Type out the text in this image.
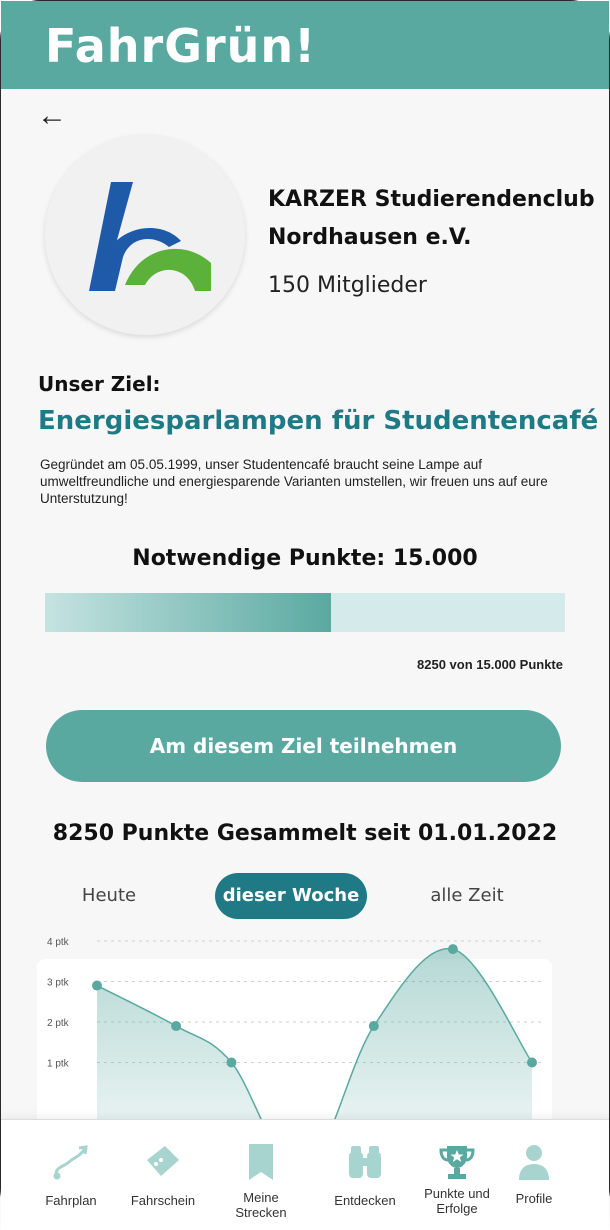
FahrGrün!
←
KARZER Studierendenclub Nordhausen e.V.
150 Mitglieder
Unser Ziel:
Energiesparlampen für Studentencafé
Gegründet am 05.05.1999, unser Studentencafé braucht seine Lampe auf umweltfreundliche und energiesparende Varianten umstellen, wir freuen uns auf eure Unterstutzung!
Notwendige Punkte: 15.000
8250 von 15.000 Punkte
Am diesem Ziel teilnehmen
8250 Punkte Gesammelt seit 01.01.2022
Heute	dieser Woche	alle Zeit
4 ptk
3 ptk
2 ptk
1 ptk
Fahrplan	Fahrschein	Meine Strecken
Entdecken	Punkte und Erfolge
Profile
